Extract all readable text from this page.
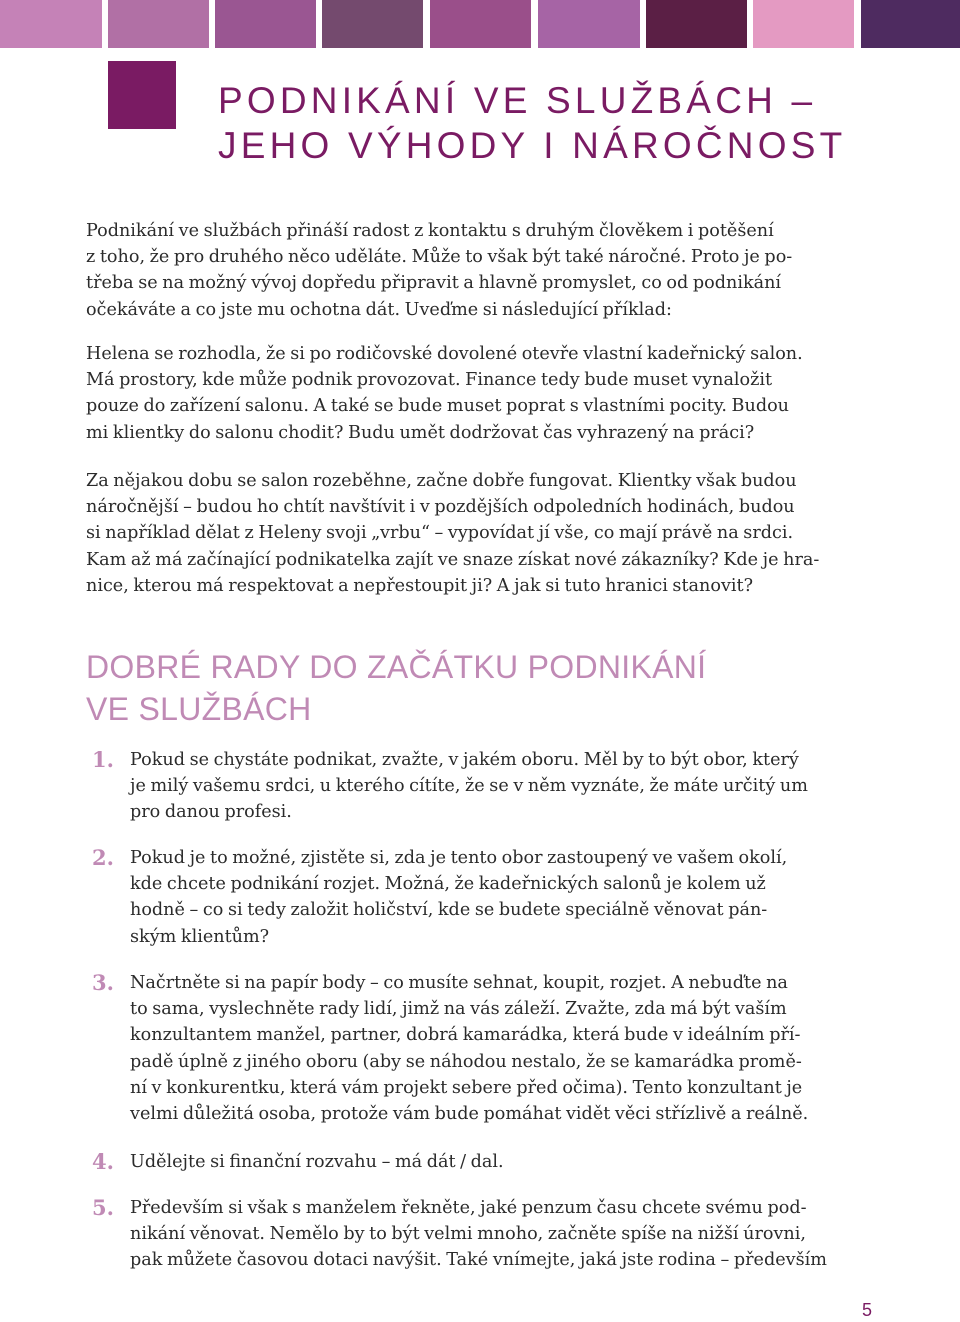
PODNIKÁNÍ VE SLUŽBÁCH –
JEHO VÝHODY I NÁROČNOST

Podnikání ve službách přináší radost z kontaktu s druhým člověkem i potěšení
z toho, že pro druhého něco uděláte. Může to však být také náročné. Proto je po-
třeba se na možný vývoj dopředu připravit a hlavně promyslet, co od podnikání
očekáváte a co jste mu ochotna dát. Uveďme si následující příklad:

Helena se rozhodla, že si po rodičovské dovolené otevře vlastní kadeřnický salon.
Má prostory, kde může podnik provozovat. Finance tedy bude muset vynaložit
pouze do zařízení salonu. A také se bude muset poprat s vlastními pocity. Budou
mi klientky do salonu chodit? Budu umět dodržovat čas vyhrazený na práci?

Za nějakou dobu se salon rozeběhne, začne dobře fungovat. Klientky však budou
náročnější – budou ho chtít navštívit i v pozdějších odpoledních hodinách, budou
si například dělat z Heleny svoji „vrbu“ – vypovídat jí vše, co mají právě na srdci.
Kam až má začínající podnikatelka zajít ve snaze získat nové zákazníky? Kde je hra-
nice, kterou má respektovat a nepřestoupit ji? A jak si tuto hranici stanovit?

DOBRÉ RADY DO ZAČÁTKU PODNIKÁNÍ
VE SLUŽBÁCH
1. Pokud se chystáte podnikat, zvažte, v jakém oboru. Měl by to být obor, který
je milý vašemu srdci, u kterého cítíte, že se v něm vyznáte, že máte určitý um
pro danou profesi.
2. Pokud je to možné, zjistěte si, zda je tento obor zastoupený ve vašem okolí,
kde chcete podnikání rozjet. Možná, že kadeřnických salonů je kolem už
hodně – co si tedy založit holičství, kde se budete speciálně věnovat pán-
ským klientům?
3. Načrtněte si na papír body – co musíte sehnat, koupit, rozjet. A nebuďte na
to sama, vyslechněte rady lidí, jimž na vás záleží. Zvažte, zda má být vaším
konzultantem manžel, partner, dobrá kamarádka, která bude v ideálním pří-
padě úplně z jiného oboru (aby se náhodou nestalo, že se kamarádka promě-
ní v konkurentku, která vám projekt sebere před očima). Tento konzultant je
velmi důležitá osoba, protože vám bude pomáhat vidět věci střízlivě a reálně.
4. Udělejte si finanční rozvahu – má dát / dal.
5. Především si však s manželem řekněte, jaké penzum času chcete svému pod-
nikání věnovat. Nemělo by to být velmi mnoho, začněte spíše na nižší úrovni,
pak můžete časovou dotaci navýšit. Také vnímejte, jaká jste rodina – především
5
